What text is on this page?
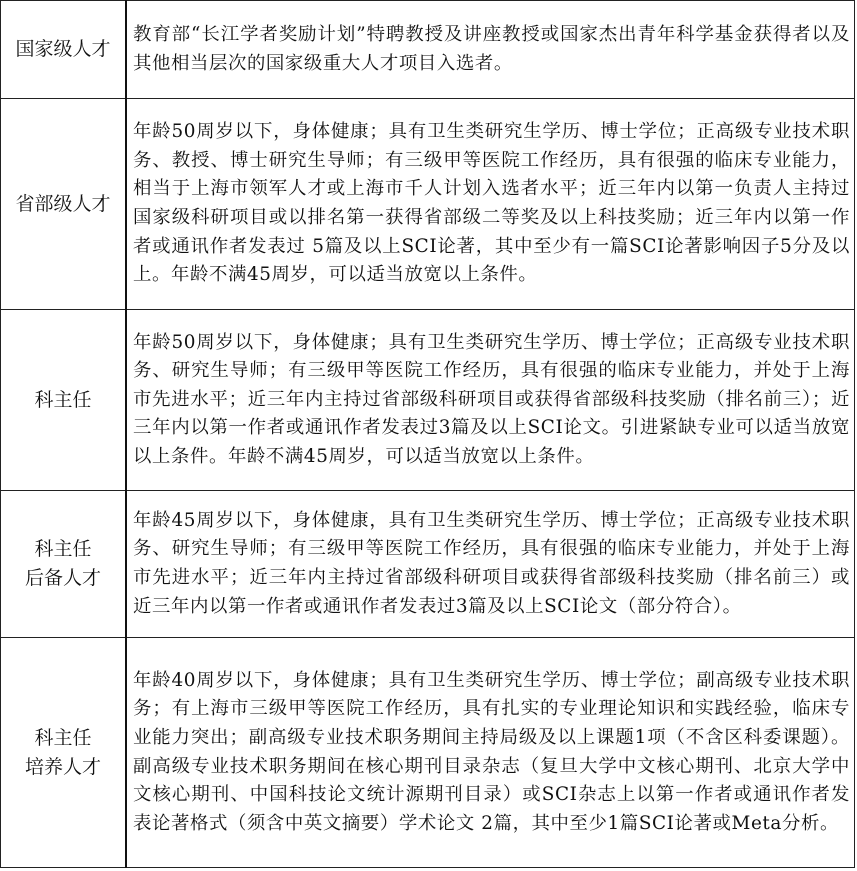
国家级人才	教育部“长江学者奖励计划”特聘教授及讲座教授或国家杰出青年科学基金获得者以及其他相当层次的国家级重大人才项目入选者。

省部级人才	年龄50周岁以下，身体健康；具有卫生类研究生学历、博士学位；正高级专业技术职务、教授、博士研究生导师；有三级甲等医院工作经历，具有很强的临床专业能力，相当于上海市领军人才或上海市千人计划入选者水平；近三年内以第一负责人主持过国家级科研项目或以排名第一获得省部级二等奖及以上科技奖励；近三年内以第一作者或通讯作者发表过 5篇及以上SCI论著，其中至少有一篇SCI论著影响因子5分及以上。年龄不满45周岁，可以适当放宽以上条件。

科主任	年龄50周岁以下，身体健康；具有卫生类研究生学历、博士学位；正高级专业技术职务、研究生导师；有三级甲等医院工作经历，具有很强的临床专业能力，并处于上海市先进水平；近三年内主持过省部级科研项目或获得省部级科技奖励（排名前三）；近三年内以第一作者或通讯作者发表过3篇及以上SCI论文。引进紧缺专业可以适当放宽以上条件。年龄不满45周岁，可以适当放宽以上条件。

科主任
后备人才	年龄45周岁以下，身体健康，具有卫生类研究生学历、博士学位；正高级专业技术职务、研究生导师；有三级甲等医院工作经历，具有很强的临床专业能力，并处于上海市先进水平；近三年内主持过省部级科研项目或获得省部级科技奖励（排名前三）或近三年内以第一作者或通讯作者发表过3篇及以上SCI论文（部分符合）。

科主任
培养人才	年龄40周岁以下，身体健康；具有卫生类研究生学历、博士学位；副高级专业技术职务；有上海市三级甲等医院工作经历，具有扎实的专业理论知识和实践经验，临床专业能力突出；副高级专业技术职务期间主持局级及以上课题1项（不含区科委课题）。副高级专业技术职务期间在核心期刊目录杂志（复旦大学中文核心期刊、北京大学中文核心期刊、中国科技论文统计源期刊目录）或SCI杂志上以第一作者或通讯作者发表论著格式（须含中英文摘要）学术论文 2篇，其中至少1篇SCI论著或Meta分析。
